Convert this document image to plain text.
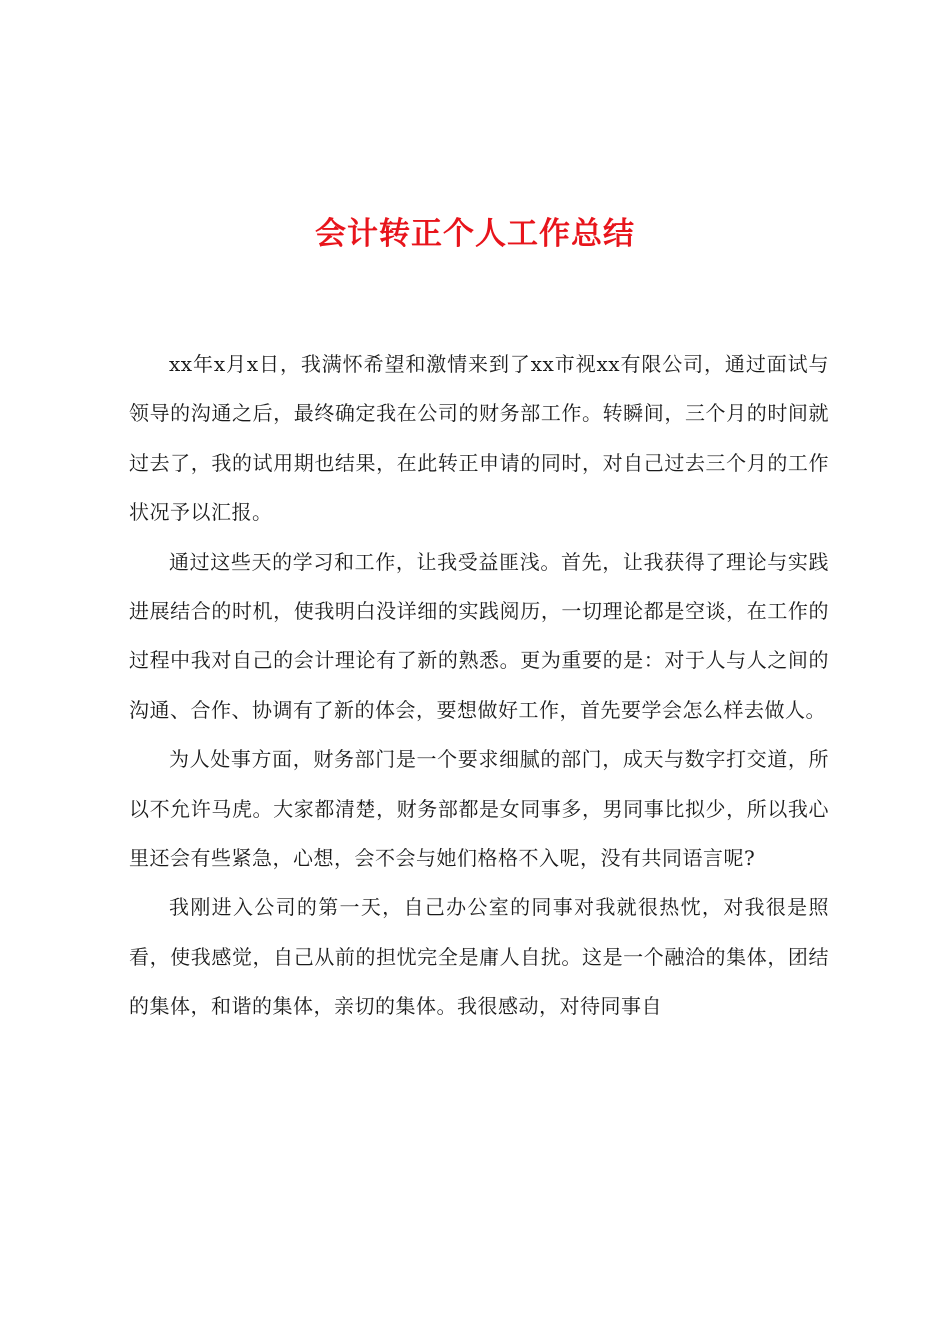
会计转正个人工作总结

xx年x月x日，我满怀希望和激情来到了xx市视xx有限公司，通过面试与领导的沟通之后，最终确定我在公司的财务部工作。转瞬间，三个月的时间就过去了，我的试用期也结果，在此转正申请的同时，对自己过去三个月的工作状况予以汇报。

通过这些天的学习和工作，让我受益匪浅。首先，让我获得了理论与实践进展结合的时机，使我明白没详细的实践阅历，一切理论都是空谈，在工作的过程中我对自己的会计理论有了新的熟悉。更为重要的是：对于人与人之间的沟通、合作、协调有了新的体会，要想做好工作，首先要学会怎么样去做人。

为人处事方面，财务部门是一个要求细腻的部门，成天与数字打交道，所以不允许马虎。大家都清楚，财务部都是女同事多，男同事比拟少，所以我心里还会有些紧急，心想，会不会与她们格格不入呢，没有共同语言呢?

我刚进入公司的第一天，自己办公室的同事对我就很热忱，对我很是照看，使我感觉，自己从前的担忧完全是庸人自扰。这是一个融洽的集体，团结的集体，和谐的集体，亲切的集体。我很感动，对待同事自
